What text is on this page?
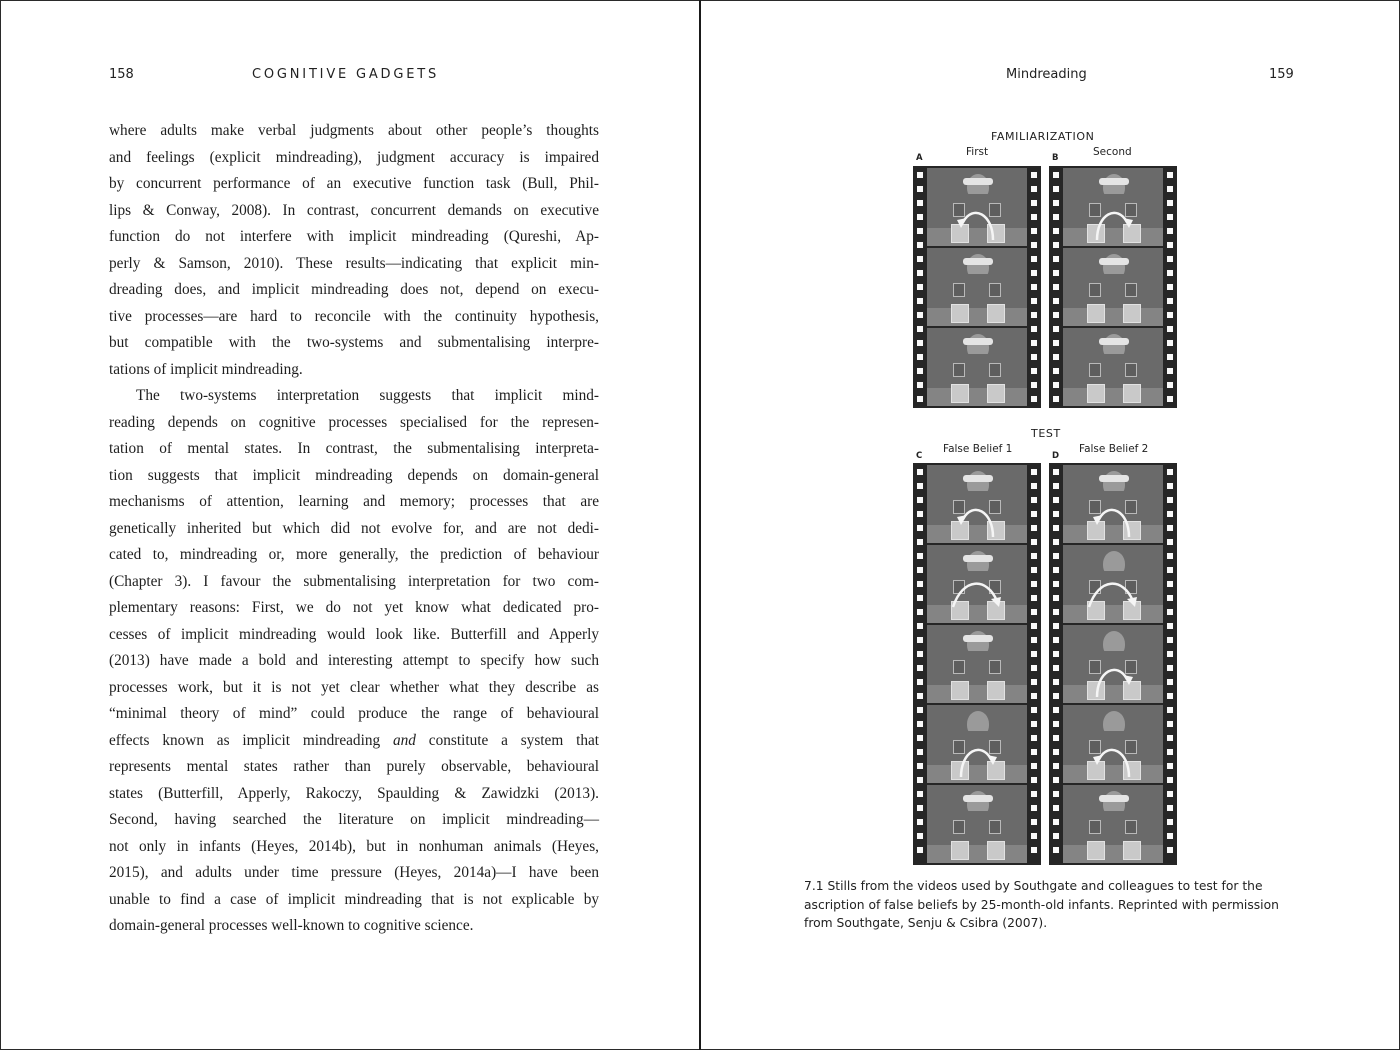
158	COGNITIVE GADGETS
where adults make verbal judgments about other people’s thoughts
and feelings (explicit mindreading), judgment accuracy is impaired
by concurrent performance of an executive function task (Bull, Phil-
lips & Conway, 2008). In contrast, concurrent demands on executive
function do not interfere with implicit mindreading (Qureshi, Ap-
perly & Samson, 2010). These results—indicating that explicit min-
dreading does, and implicit mindreading does not, depend on execu-
tive processes—are hard to reconcile with the continuity hypothesis,
but compatible with the two-systems and submentalising interpre-
tations of implicit mindreading.
The two-systems interpretation suggests that implicit mind-
reading depends on cognitive processes specialised for the represen-
tation of mental states. In contrast, the submentalising interpreta-
tion suggests that implicit mindreading depends on domain-general
mechanisms of attention, learning and memory; processes that are
genetically inherited but which did not evolve for, and are not dedi-
cated to, mindreading or, more generally, the prediction of behaviour
(Chapter 3). I favour the submentalising interpretation for two com-
plementary reasons: First, we do not yet know what dedicated pro-
cesses of implicit mindreading would look like. Butterfill and Apperly
(2013) have made a bold and interesting attempt to specify how such
processes work, but it is not yet clear whether what they describe as
“minimal theory of mind” could produce the range of behavioural
effects known as implicit mindreading and constitute a system that
represents mental states rather than purely observable, behavioural
states (Butterfill, Apperly, Rakoczy, Spaulding & Zawidzki (2013).
Second, having searched the literature on implicit mindreading—
not only in infants (Heyes, 2014b), but in nonhuman animals (Heyes,
2015), and adults under time pressure (Heyes, 2014a)—I have been
unable to find a case of implicit mindreading that is not explicable by
domain-general processes well-known to cognitive science.
Mindreading	159
FAMILIARIZATION
A	First	B	Second
TEST
C
False Belief 1
D
False Belief 2
7.1 Stills from the videos used by Southgate and colleagues to test for the
ascription of false beliefs by 25-month-old infants. Reprinted with permission
from Southgate, Senju & Csibra (2007).
